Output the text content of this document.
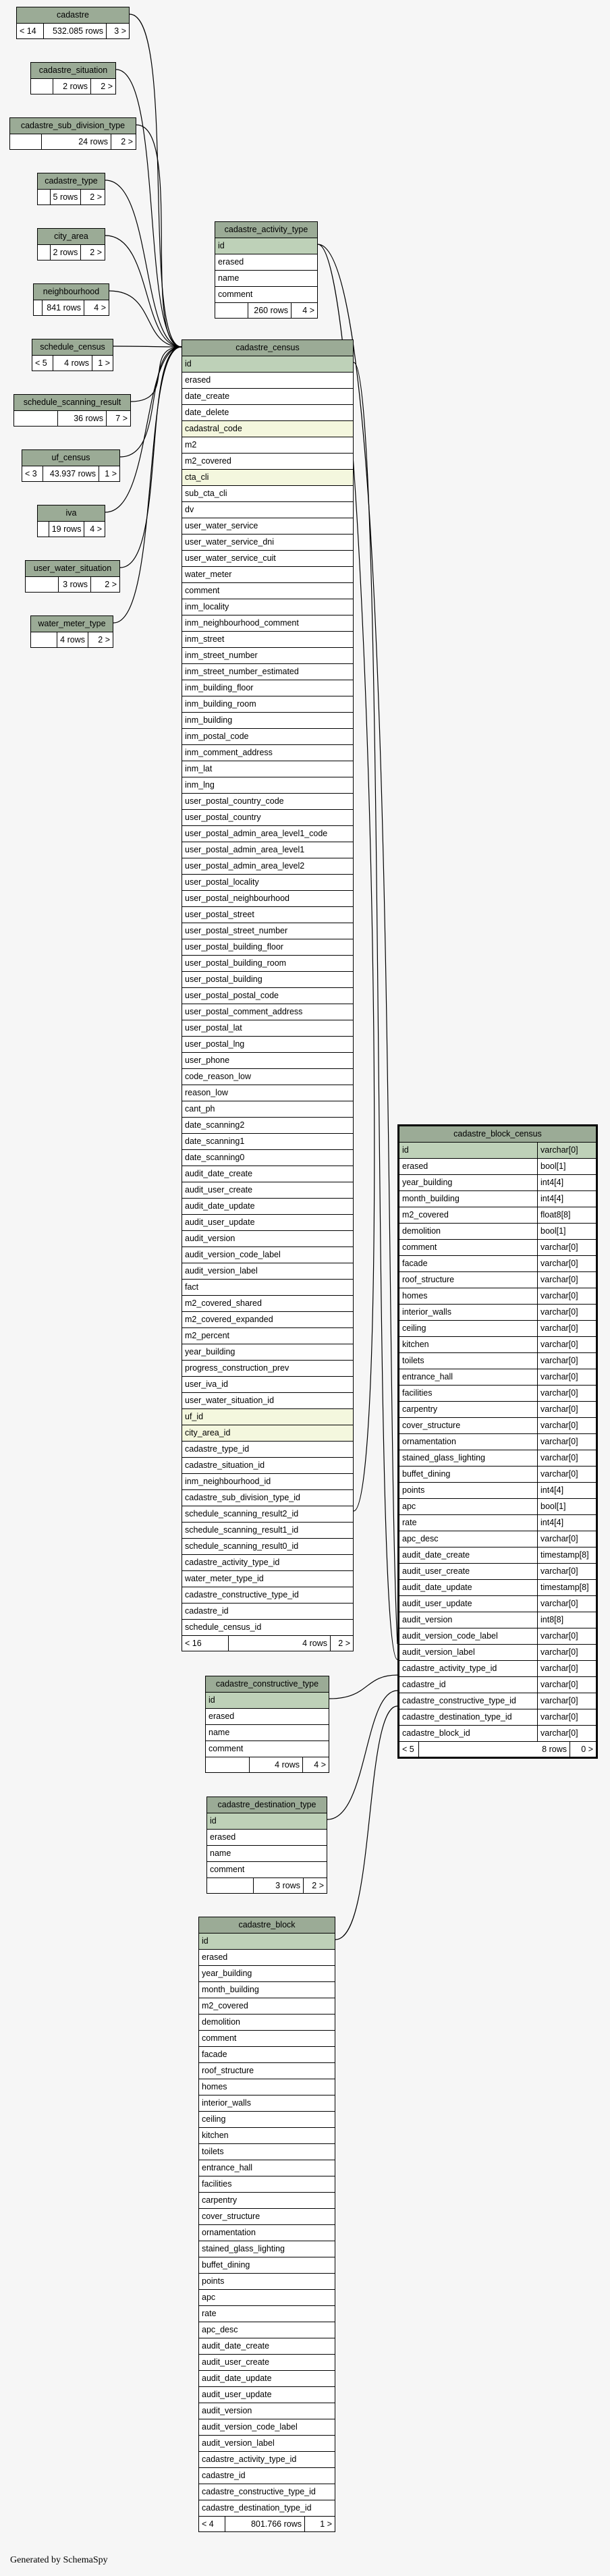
cadastre
< 14	532.085 rows	3 >
cadastre_situation
2 rows	2 >
cadastre_sub_division_type
24 rows	2 >
cadastre_type
5 rows	2 >
city_area
2 rows	2 >
neighbourhood
841 rows	4 >
schedule_census
< 5	4 rows	1 >
schedule_scanning_result
36 rows	7 >
uf_census
< 3	43.937 rows	1 >
iva
19 rows	4 >
user_water_situation
3 rows	2 >
water_meter_type
4 rows	2 >
cadastre_activity_type
id
erased
name
comment
260 rows	4 >
cadastre_census
id
erased
date_create
date_delete
cadastral_code
m2
m2_covered
cta_cli
sub_cta_cli
dv
user_water_service
user_water_service_dni
user_water_service_cuit
water_meter
comment
inm_locality
inm_neighbourhood_comment
inm_street
inm_street_number
inm_street_number_estimated
inm_building_floor
inm_building_room
inm_building
inm_postal_code
inm_comment_address
inm_lat
inm_lng
user_postal_country_code
user_postal_country
user_postal_admin_area_level1_code
user_postal_admin_area_level1
user_postal_admin_area_level2
user_postal_locality
user_postal_neighbourhood
user_postal_street
user_postal_street_number
user_postal_building_floor
user_postal_building_room
user_postal_building
user_postal_postal_code
user_postal_comment_address
user_postal_lat
user_postal_lng
user_phone
code_reason_low
reason_low
cant_ph
date_scanning2
date_scanning1
date_scanning0
audit_date_create
audit_user_create
audit_date_update
audit_user_update
audit_version
audit_version_code_label
audit_version_label
fact
m2_covered_shared
m2_covered_expanded
m2_percent
year_building
progress_construction_prev
user_iva_id
user_water_situation_id
uf_id
city_area_id
cadastre_type_id
cadastre_situation_id
inm_neighbourhood_id
cadastre_sub_division_type_id
schedule_scanning_result2_id
schedule_scanning_result1_id
schedule_scanning_result0_id
cadastre_activity_type_id
water_meter_type_id
cadastre_constructive_type_id
cadastre_id
schedule_census_id
< 16	4 rows	2 >
cadastre_block_census
id	varchar[0]
erased	bool[1]
year_building	int4[4]
month_building	int4[4]
m2_covered	float8[8]
demolition	bool[1]
comment	varchar[0]
facade	varchar[0]
roof_structure	varchar[0]
homes	varchar[0]
interior_walls	varchar[0]
ceiling	varchar[0]
kitchen	varchar[0]
toilets	varchar[0]
entrance_hall	varchar[0]
facilities	varchar[0]
carpentry	varchar[0]
cover_structure	varchar[0]
ornamentation	varchar[0]
stained_glass_lighting	varchar[0]
buffet_dining	varchar[0]
points	int4[4]
apc	bool[1]
rate	int4[4]
apc_desc	varchar[0]
audit_date_create	timestamp[8]
audit_user_create	varchar[0]
audit_date_update	timestamp[8]
audit_user_update	varchar[0]
audit_version	int8[8]
audit_version_code_label	varchar[0]
audit_version_label	varchar[0]
cadastre_activity_type_id	varchar[0]
cadastre_id	varchar[0]
cadastre_constructive_type_id	varchar[0]
cadastre_destination_type_id	varchar[0]
cadastre_block_id	varchar[0]
< 5	8 rows	0 >
cadastre_constructive_type
id
erased
name
comment
4 rows	4 >
cadastre_destination_type
id
erased
name
comment
3 rows	2 >
cadastre_block
id
erased
year_building
month_building
m2_covered
demolition
comment
facade
roof_structure
homes
interior_walls
ceiling
kitchen
toilets
entrance_hall
facilities
carpentry
cover_structure
ornamentation
stained_glass_lighting
buffet_dining
points
apc
rate
apc_desc
audit_date_create
audit_user_create
audit_date_update
audit_user_update
audit_version
audit_version_code_label
audit_version_label
cadastre_activity_type_id
cadastre_id
cadastre_constructive_type_id
cadastre_destination_type_id
< 4	801.766 rows	1 >
Generated by SchemaSpy
